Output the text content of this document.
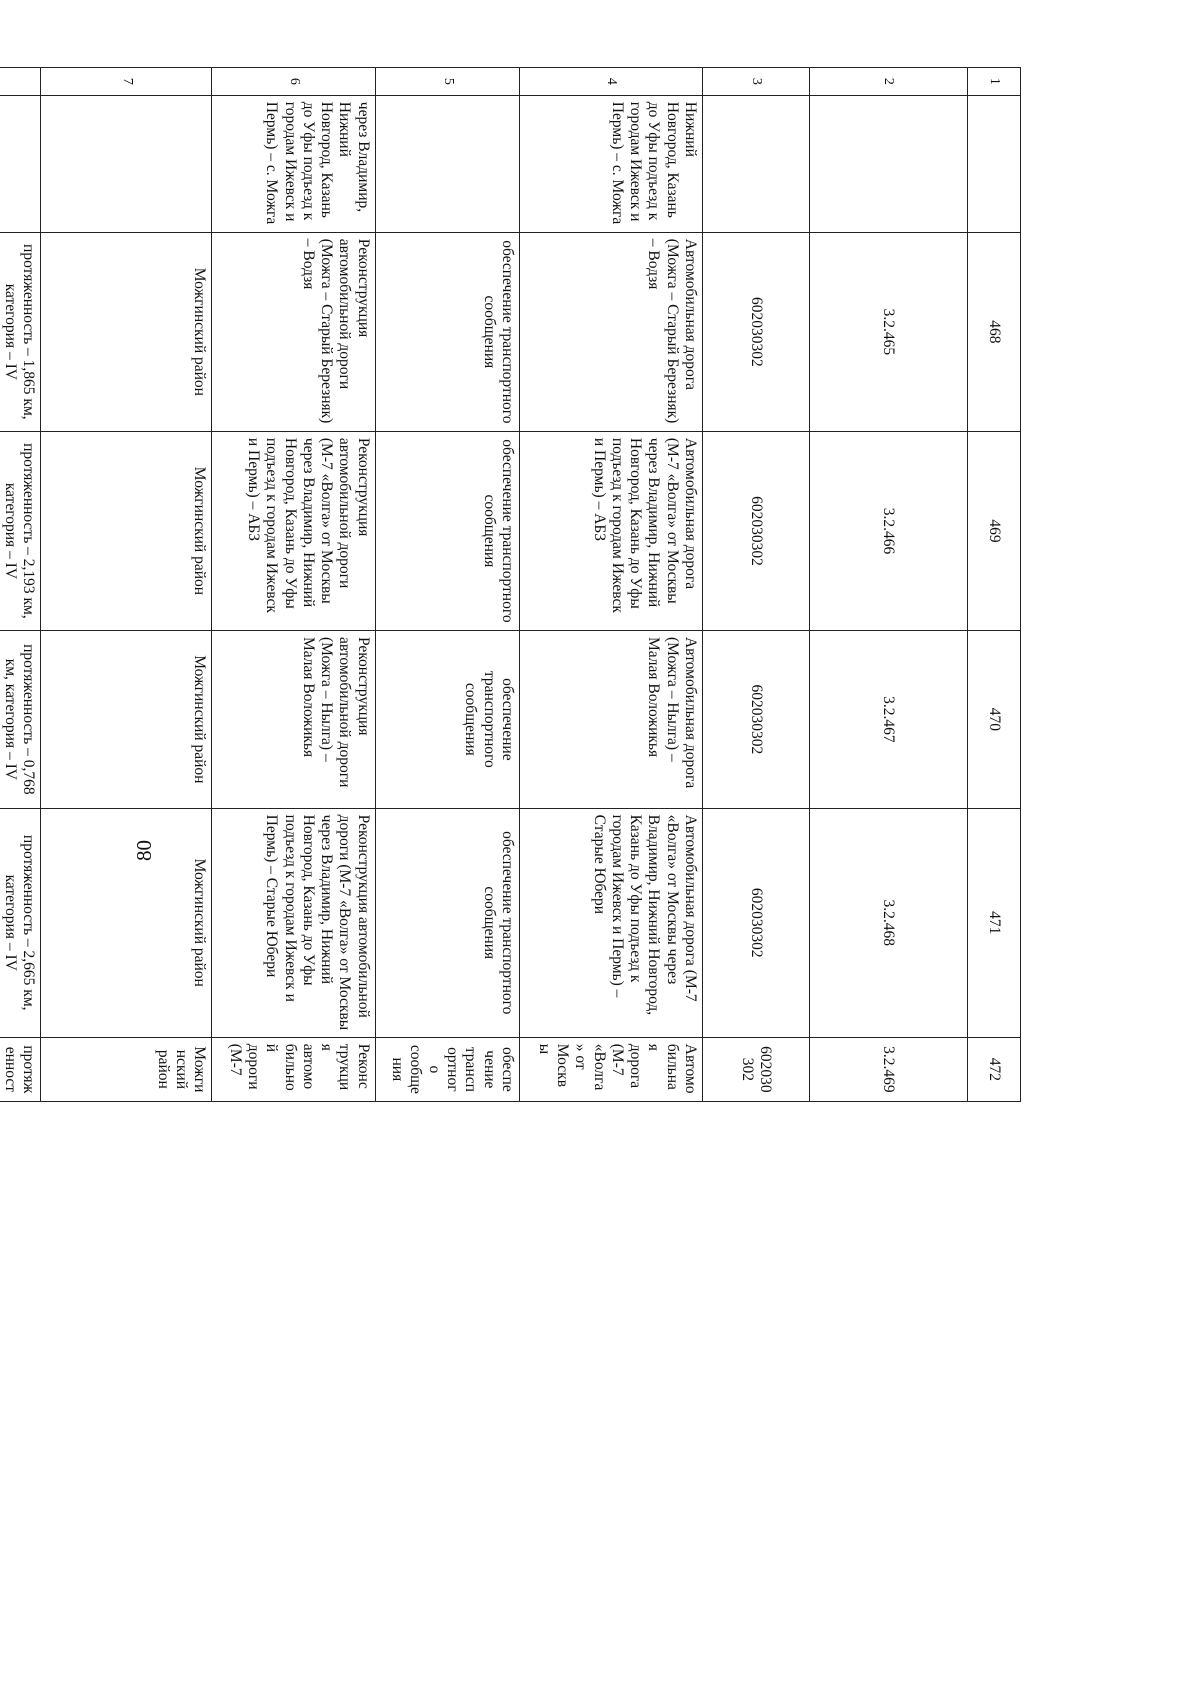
80
1		468	469	470	471	472
2		3.2.465	3.2.466	3.2.467	3.2.468	3.2.469
3		602030302	602030302	602030302	602030302	602030302
4	Нижний Новгород, Казань до Уфы подъезд к городам Ижевск и Пермь) – с. Можга	Автомобильная дорога (Можга – Старый Березняк) – Водзя	Автомобильная дорога (М-7 «Волга» от Москвы через Владимир, Нижний Новгород, Казань до Уфы подъезд к городам Ижевск и Пермь) – АБЗ	Автомобильная дорога (Можга – Нылга) – Малая Воложикья	Автомобильная дорога (М-7 «Волга» от Москвы через Владимир, Нижний Новгород, Казань до Уфы подъезд к городам Ижевск и Пермь) – Старые Юбери	Автомобильная дорога (М-7 «Волга» от Москвы
5		обеспечение транспортного сообщения	обеспечение транспортного сообщения	обеспечение транспортного сообщения	обеспечение транспортного сообщения	обеспечение транспортного сообщения
6	через Владимир, Нижний Новгород, Казань до Уфы подъезд к городам Ижевск и Пермь) – с. Можга	Реконструкция автомобильной дороги (Можга – Старый Березняк) – Водзя	Реконструкция автомобильной дороги (М-7 «Волга» от Москвы через Владимир, Нижний Новгород, Казань до Уфы подъезд к городам Ижевск и Пермь) – АБЗ	Реконструкция автомобильной дороги (Можга – Нылга) – Малая Воложикья	Реконструкция автомобильной дороги (М-7 «Волга» от Москвы через Владимир, Нижний Новгород, Казань до Уфы подъезд к городам Ижевск и Пермь) – Старые Юбери	Реконструкция автомобильной дороги (М-7
7		Можгинский район	Можгинский район	Можгинский район	Можгинский район	Можгинский район
		протяженность – 1,865 км, категория – IV	протяженность – 2,193 км, категория – IV	протяженность – 0,768 км, категория – IV	протяженность – 2,665 км, категория – IV	протяженност
